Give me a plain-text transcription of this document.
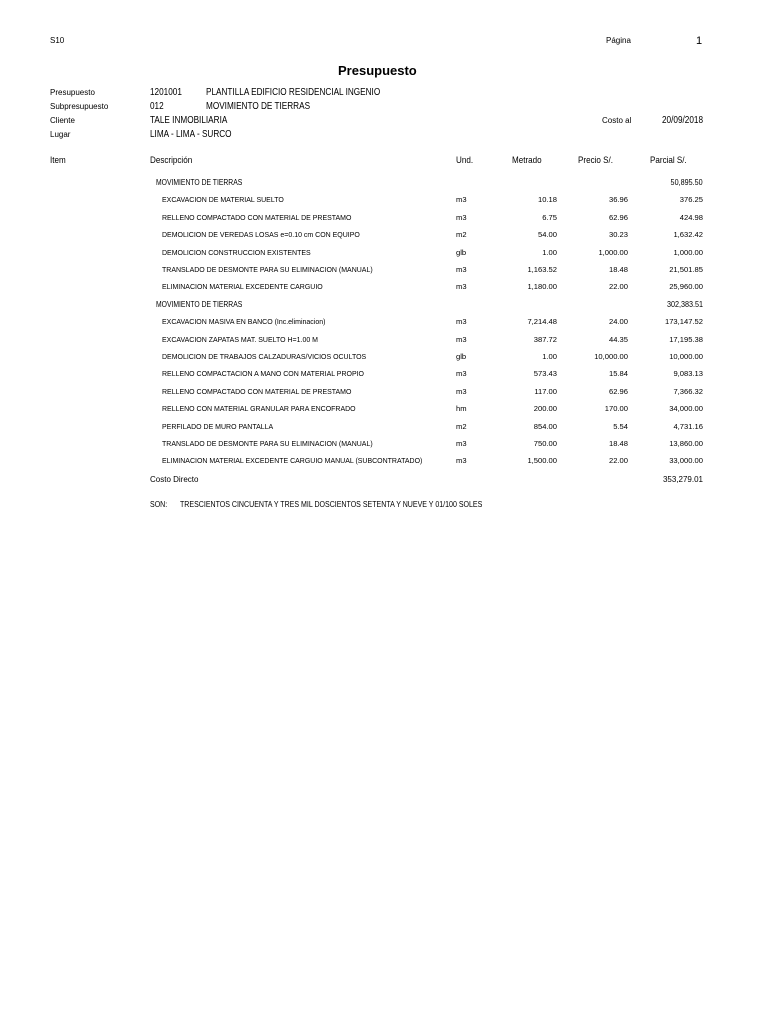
S10	Página	1
Presupuesto
Presupuesto	1201001 PLANTILLA EDIFICIO RESIDENCIAL INGENIO
Subpresupuesto	012	MOVIMIENTO DE TIERRAS
Cliente	TALE INMOBILIARIA	Costo al	20/09/2018
Lugar	LIMA - LIMA - SURCO
Item	Descripción	Und.	Metrado	Precio S/.	Parcial S/.
MOVIMIENTO DE TIERRAS	50,895.50
EXCAVACION DE MATERIAL SUELTO	m3	10.18	36.96	376.25
RELLENO COMPACTADO CON MATERIAL DE PRESTAMO	m3	6.75	62.96	424.98
DEMOLICION DE VEREDAS LOSAS e=0.10 cm CON EQUIPO	m2	54.00	30.23	1,632.42
DEMOLICION CONSTRUCCION EXISTENTES	glb	1.00	1,000.00	1,000.00
TRANSLADO DE DESMONTE PARA SU ELIMINACION (MANUAL)	m3	1,163.52	18.48	21,501.85
ELIMINACION MATERIAL EXCEDENTE CARGUIO	m3	1,180.00	22.00	25,960.00
MOVIMIENTO DE TIERRAS	302,383.51
EXCAVACION MASIVA EN BANCO (Inc.eliminacion)	m3	7,214.48	24.00	173,147.52
EXCAVACION ZAPATAS MAT. SUELTO H=1.00 M	m3	387.72	44.35	17,195.38
DEMOLICION DE TRABAJOS CALZADURAS/VICIOS OCULTOS	glb	1.00	10,000.00	10,000.00
RELLENO COMPACTACION A MANO CON MATERIAL PROPIO	m3	573.43	15.84	9,083.13
RELLENO COMPACTADO CON MATERIAL DE PRESTAMO	m3	117.00	62.96	7,366.32
RELLENO CON MATERIAL GRANULAR PARA ENCOFRADO	hm	200.00	170.00	34,000.00
PERFILADO DE MURO PANTALLA	m2	854.00	5.54	4,731.16
TRANSLADO DE DESMONTE PARA SU ELIMINACION (MANUAL)	m3	750.00	18.48	13,860.00
ELIMINACION MATERIAL EXCEDENTE CARGUIO MANUAL (SUBCONTRATADO)	m3	1,500.00	22.00	33,000.00
Costo Directo	353,279.01
SON: TRESCIENTOS CINCUENTA Y TRES MIL DOSCIENTOS SETENTA Y NUEVE Y 01/100 SOLES
